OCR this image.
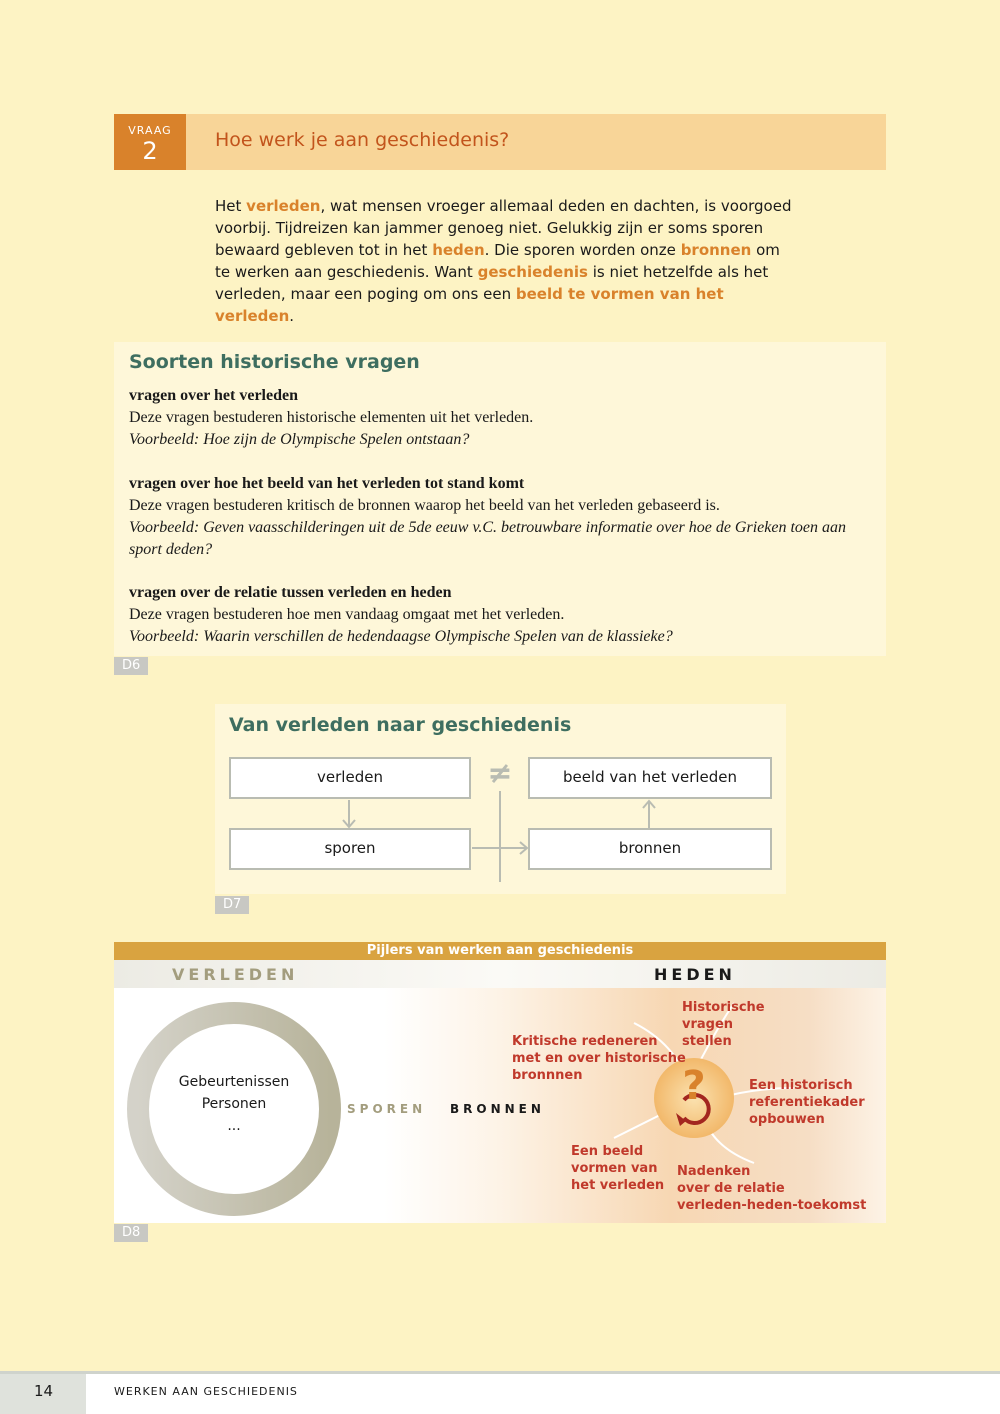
VRAAG
2	Hoe werk je aan geschiedenis?
Het verleden, wat mensen vroeger allemaal deden en dachten, is voorgoed voorbij. Tijdreizen kan jammer genoeg niet. Gelukkig zijn er soms sporen bewaard gebleven tot in het heden. Die sporen worden onze bronnen om te werken aan geschiedenis. Want geschiedenis is niet hetzelfde als het verleden, maar een poging om ons een beeld te vormen van het verleden.
Soorten historische vragen
vragen over het verleden
Deze vragen bestuderen historische elementen uit het verleden.
Voorbeeld: Hoe zijn de Olympische Spelen ontstaan?
vragen over hoe het beeld van het verleden tot stand komt
Deze vragen bestuderen kritisch de bronnen waarop het beeld van het verleden gebaseerd is.
Voorbeeld: Geven vaasschilderingen uit de 5de eeuw v.C. betrouwbare informatie over hoe de Grieken toen aan sport deden?
vragen over de relatie tussen verleden en heden
Deze vragen bestuderen hoe men vandaag omgaat met het verleden.
Voorbeeld: Waarin verschillen de hedendaagse Olympische Spelen van de klassieke?
D6
Van verleden naar geschiedenis
≠
verleden	beeld van het verleden
sporen	bronnen
D7
Pijlers van werken aan geschiedenis
VERLEDEN	HEDEN
?
Gebeurtenissen
Personen
...
SPOREN BRONNEN
Historische
vragen
stellen
Kritische redeneren
met en over historische
bronnnen
Een historisch
referentiekader
opbouwen
Een beeld
vormen van
het verleden
Nadenken
over de relatie
verleden-heden-toekomst
D8
14	WERKEN AAN GESCHIEDENIS
